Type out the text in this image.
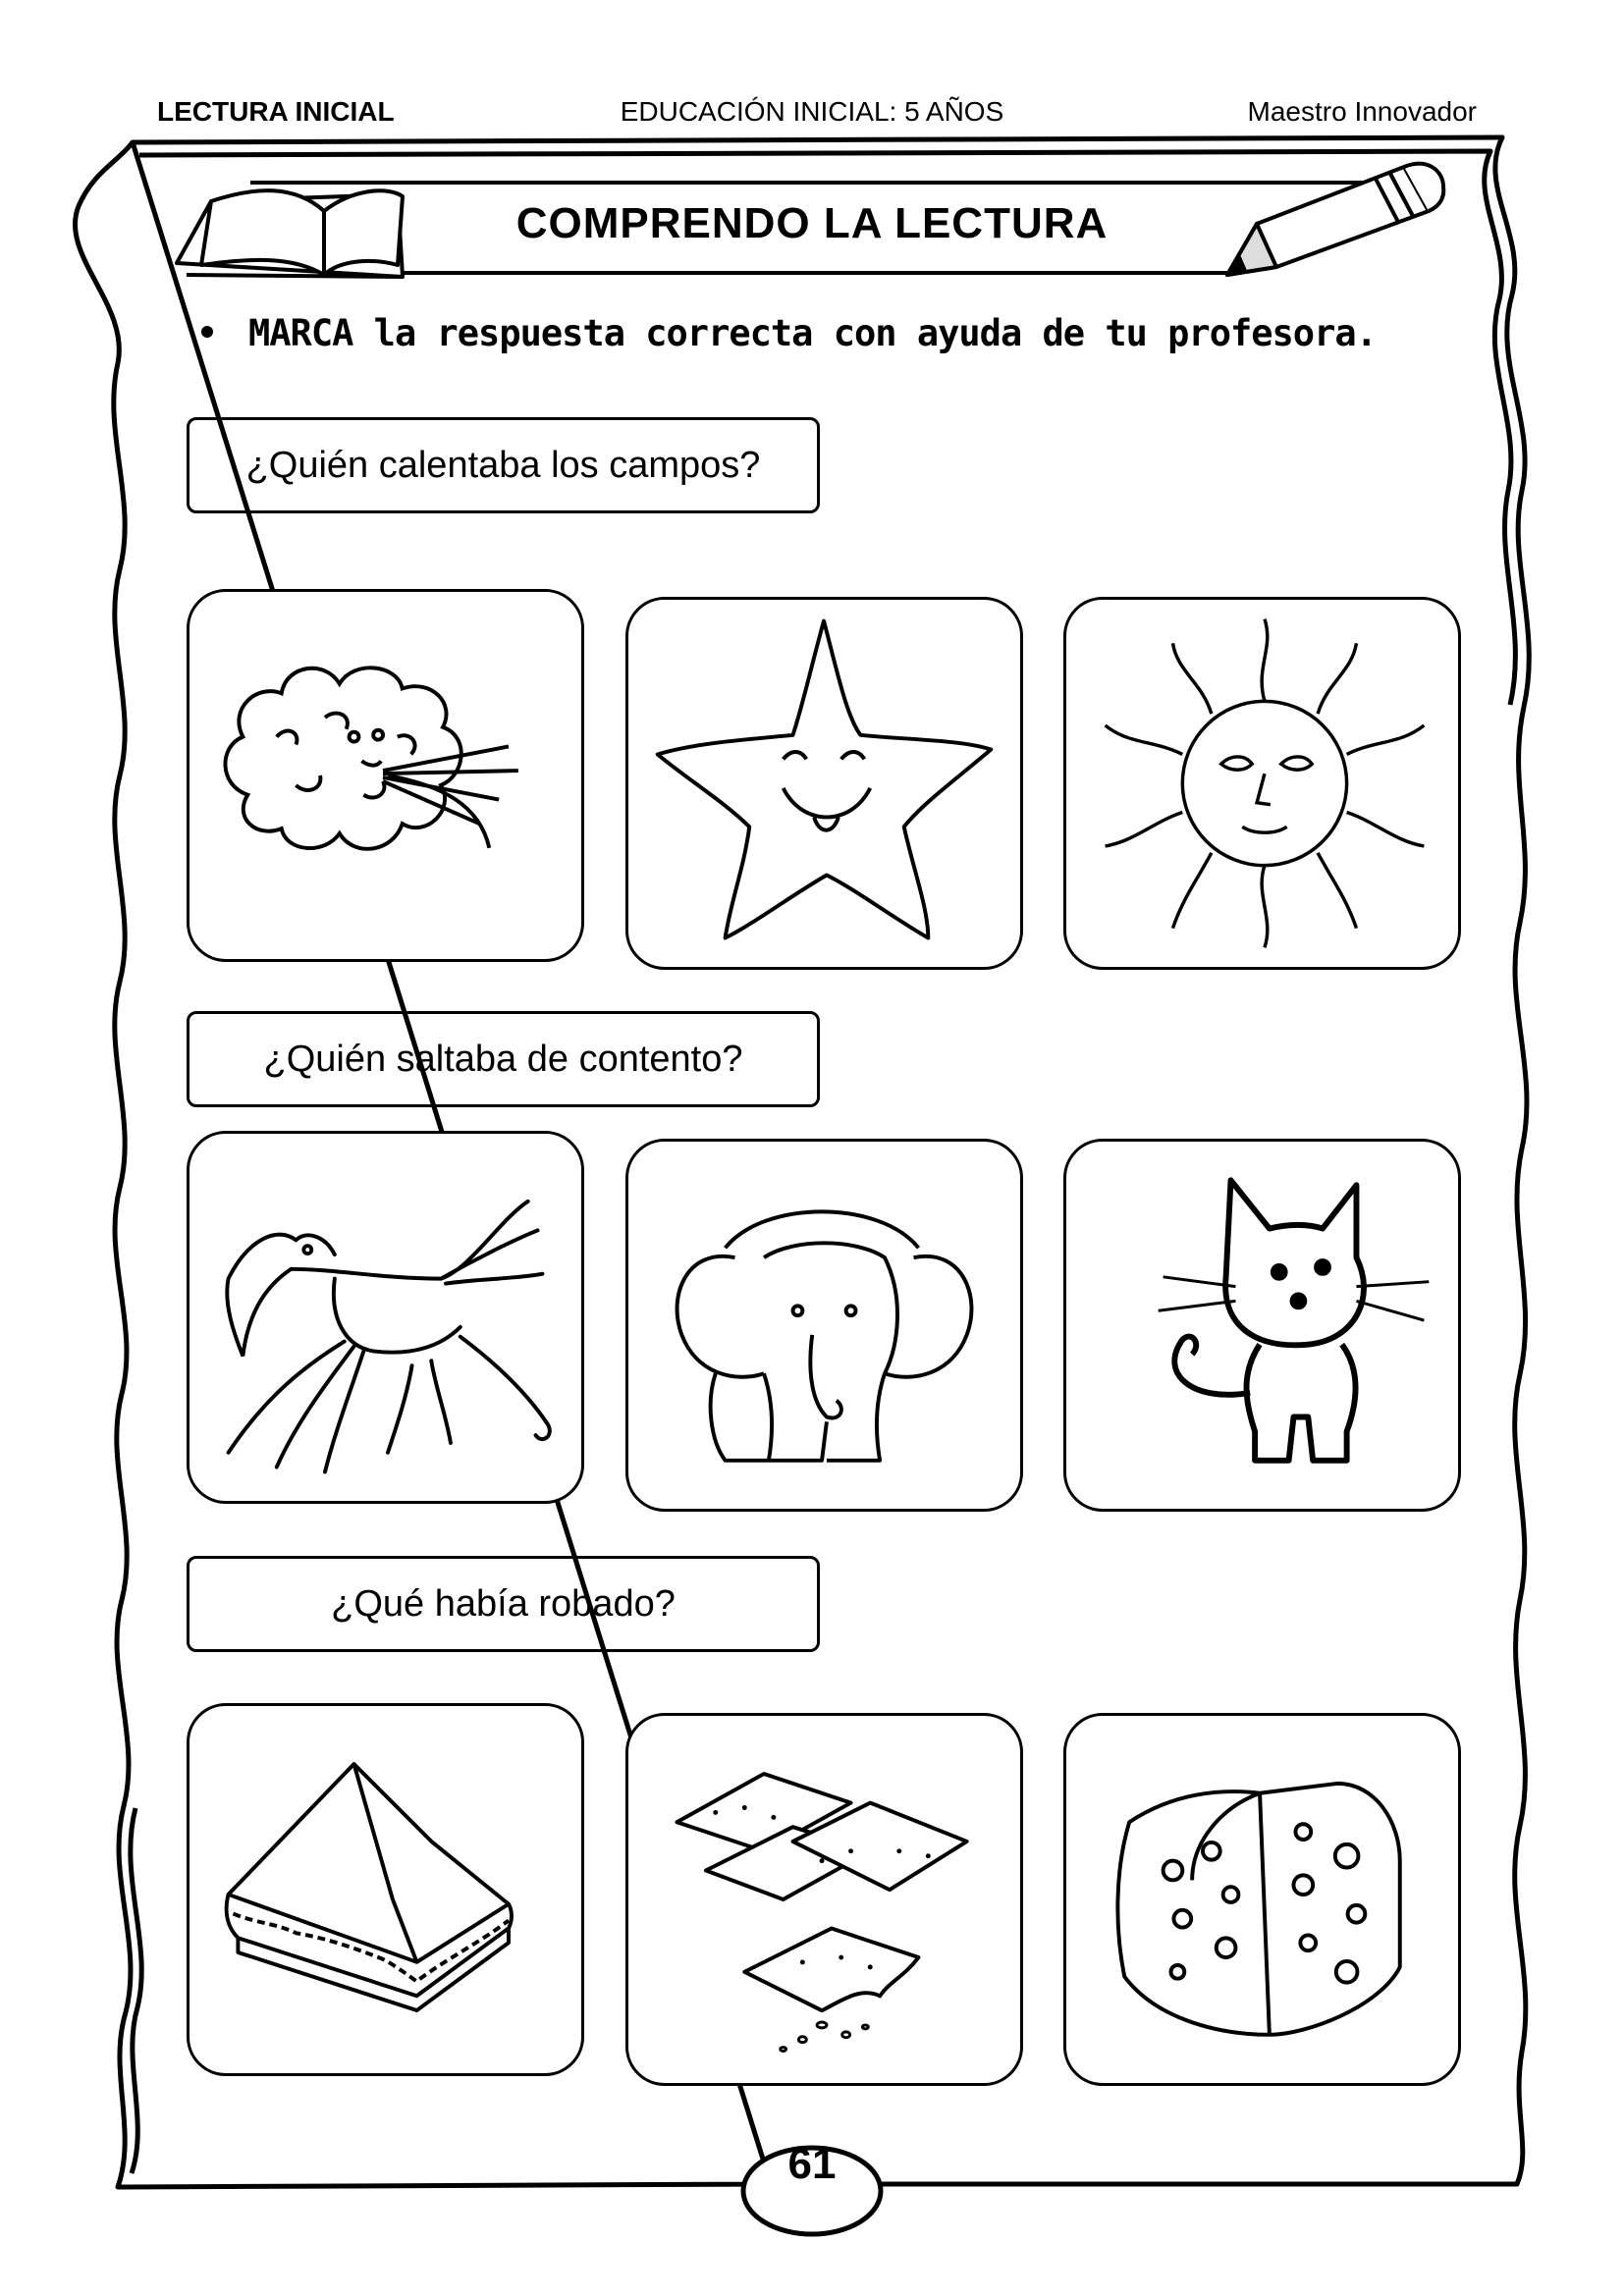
LECTURA INICIAL	EDUCACIÓN INICIAL: 5 AÑOS	Maestro Innovador
COMPRENDO LA LECTURA
MARCA la respuesta correcta con ayuda de tu profesora.
¿Quién calentaba los campos?
¿Quién saltaba de contento?
¿Qué había robado?
61
